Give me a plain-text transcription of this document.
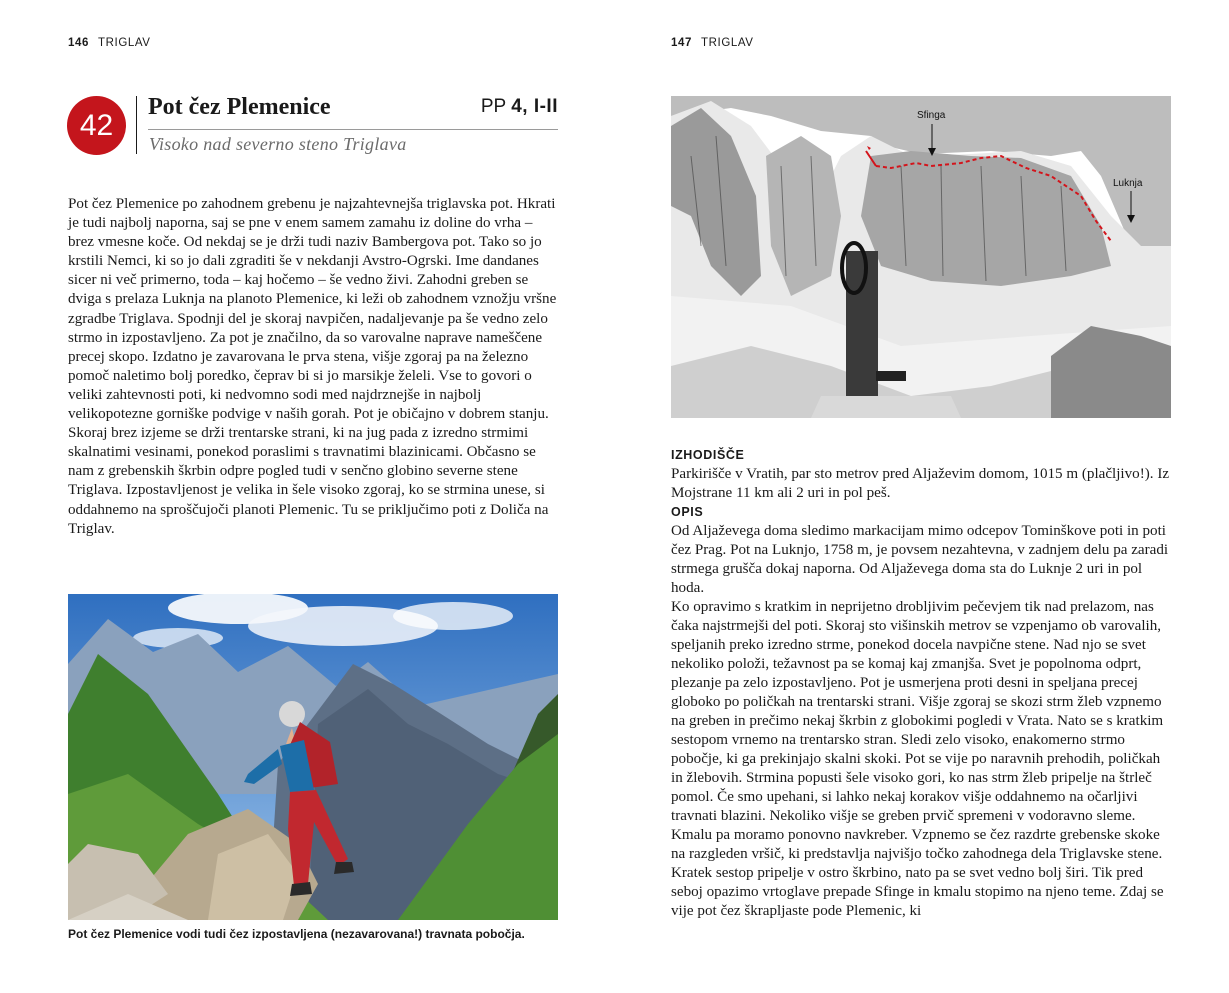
146 TRIGLAV
42
Pot čez Plemenice	PP 4, I-II

Visoko nad severno steno Triglava

Pot čez Plemenice po zahodnem grebenu je najzahtevnejša triglavska pot. Hkrati je tudi najbolj naporna, saj se pne v enem samem zamahu iz doline do vrha – brez vmesne koče. Od nekdaj se je drži tudi naziv Bambergova pot. Tako so jo krstili Nemci, ki so jo dali zgraditi še v nekdanji Avstro-Ogrski. Ime dandanes sicer ni več primerno, toda – kaj hočemo – še vedno živi. Zahodni greben se dviga s prelaza Luknja na planoto Plemenice, ki leži ob zahodnem vznožju vršne zgradbe Triglava. Spodnji del je skoraj navpičen, nadaljevanje pa še vedno zelo strmo in izpostavljeno. Za pot je značilno, da so varovalne naprave nameščene precej skopo. Izdatno je zavarovana le prva stena, višje zgoraj pa na železno pomoč naletimo bolj poredko, čeprav bi si jo marsikje želeli. Vse to govori o veliki zahtevnosti poti, ki nedvomno sodi med najdrznejše in najbolj velikopotezne gorniške podvige v naših gorah. Pot je običajno v dobrem stanju. Skoraj brez izjeme se drži trentarske strani, ki na jug pada z izredno strmimi skalnatimi vesinami, ponekod poraslimi s travnatimi blazinicami. Občasno se nam z grebenskih škrbin odpre pogled tudi v senčno globino severne stene Triglava. Izpostavljenost je velika in šele visoko zgoraj, ko se strmina unese, si oddahnemo na sproščujoči planoti Plemenic. Tu se priključimo poti z Doliča na Triglav.

Pot čez Plemenice vodi tudi čez izpostavljena (nezavarovana!) travnata pobočja.
147 TRIGLAV
Sfinga
Luknja
IZHODIŠČE

Parkirišče v Vratih, par sto metrov pred Aljaževim domom, 1015 m (plačljivo!). Iz Mojstrane 11 km ali 2 uri in pol peš.

OPIS

Od Aljaževega doma sledimo markacijam mimo odcepov Tominškove poti in poti čez Prag. Pot na Luknjo, 1758 m, je povsem nezahtevna, v zadnjem delu pa zaradi strmega grušča dokaj naporna. Od Aljaževega doma sta do Luknje 2 uri in pol hoda.

Ko opravimo s kratkim in neprijetno drobljivim pečevjem tik nad prelazom, nas čaka najstrmejši del poti. Skoraj sto višinskih metrov se vzpenjamo ob varovalih, speljanih preko izredno strme, ponekod docela navpične stene. Nad njo se svet nekoliko položi, težavnost pa se komaj kaj zmanjša. Svet je popolnoma odprt, plezanje pa zelo izpostavljeno. Pot je usmerjena proti desni in speljana precej globoko po poličkah na trentarski strani. Višje zgoraj se skozi strm žleb vzpnemo na greben in prečimo nekaj škrbin z globokimi pogledi v Vrata. Nato se s kratkim sestopom vrnemo na trentarsko stran. Sledi zelo visoko, enakomerno strmo pobočje, ki ga prekinjajo skalni skoki. Pot se vije po naravnih prehodih, poličkah in žlebovih. Strmina popusti šele visoko gori, ko nas strm žleb pripelje na štrleč pomol. Če smo upehani, si lahko nekaj korakov višje oddahnemo na očarljivi travnati blazini. Nekoliko višje se greben prvič spremeni v vodoravno sleme. Kmalu pa moramo ponovno navkreber. Vzpnemo se čez razdrte grebenske skoke na razgleden vršič, ki predstavlja najvišjo točko zahodnega dela Triglavske stene. Kratek sestop pripelje v ostro škrbino, nato pa se svet vedno bolj širi. Tik pred seboj opazimo vrtoglave prepade Sfinge in kmalu stopimo na njeno teme. Zdaj se vije pot čez škrapljaste pode Plemenic, ki
